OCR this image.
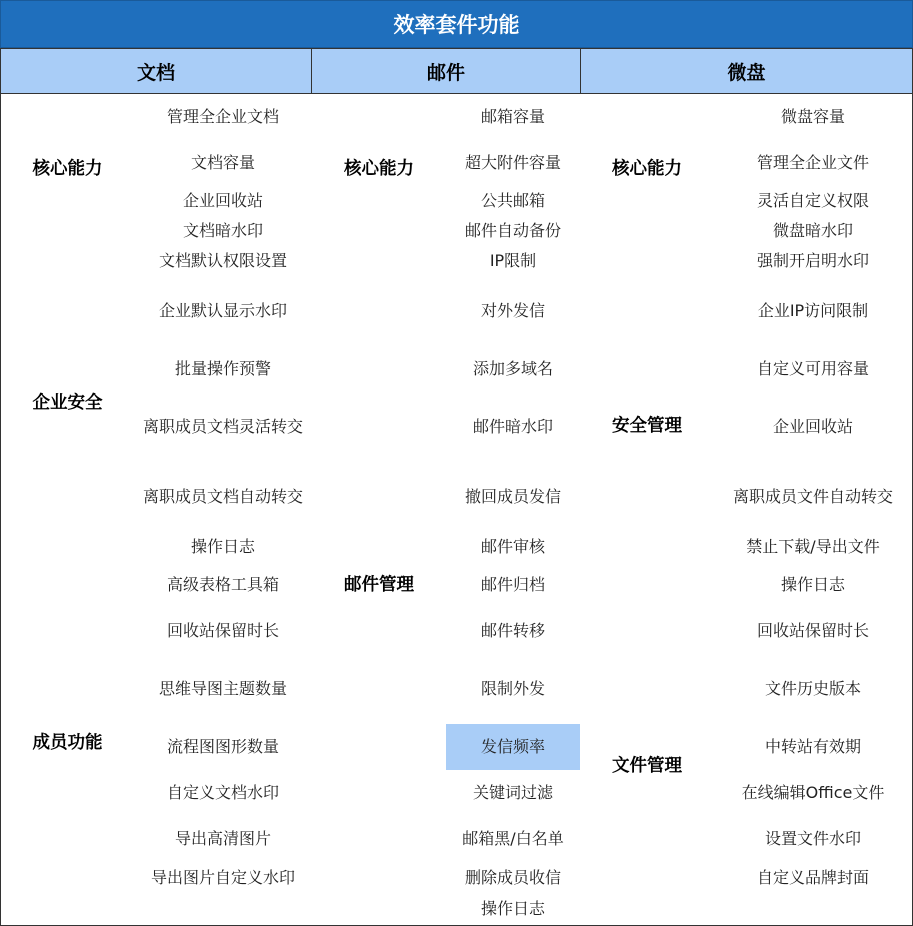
效率套件功能
文档	邮件	微盘
核心能力
企业安全
成员功能
管理全企业文档
文档容量
企业回收站
文档暗水印
文档默认权限设置
企业默认显示水印
批量操作预警
离职成员文档灵活转交
离职成员文档自动转交
操作日志
高级表格工具箱
回收站保留时长
思维导图主题数量
流程图图形数量
自定义文档水印
导出高清图片
导出图片自定义水印
核心能力
邮件管理
邮箱容量
超大附件容量
公共邮箱
邮件自动备份
IP限制
对外发信
添加多域名
邮件暗水印
撤回成员发信
邮件审核
邮件归档
邮件转移
限制外发
发信频率
关键词过滤
邮箱黑/白名单
删除成员收信
操作日志
核心能力
安全管理
文件管理
微盘容量
管理全企业文件
灵活自定义权限
微盘暗水印
强制开启明水印
企业IP访问限制
自定义可用容量
企业回收站
离职成员文件自动转交
禁止下载/导出文件
操作日志
回收站保留时长
文件历史版本
中转站有效期
在线编辑Office文件
设置文件水印
自定义品牌封面
